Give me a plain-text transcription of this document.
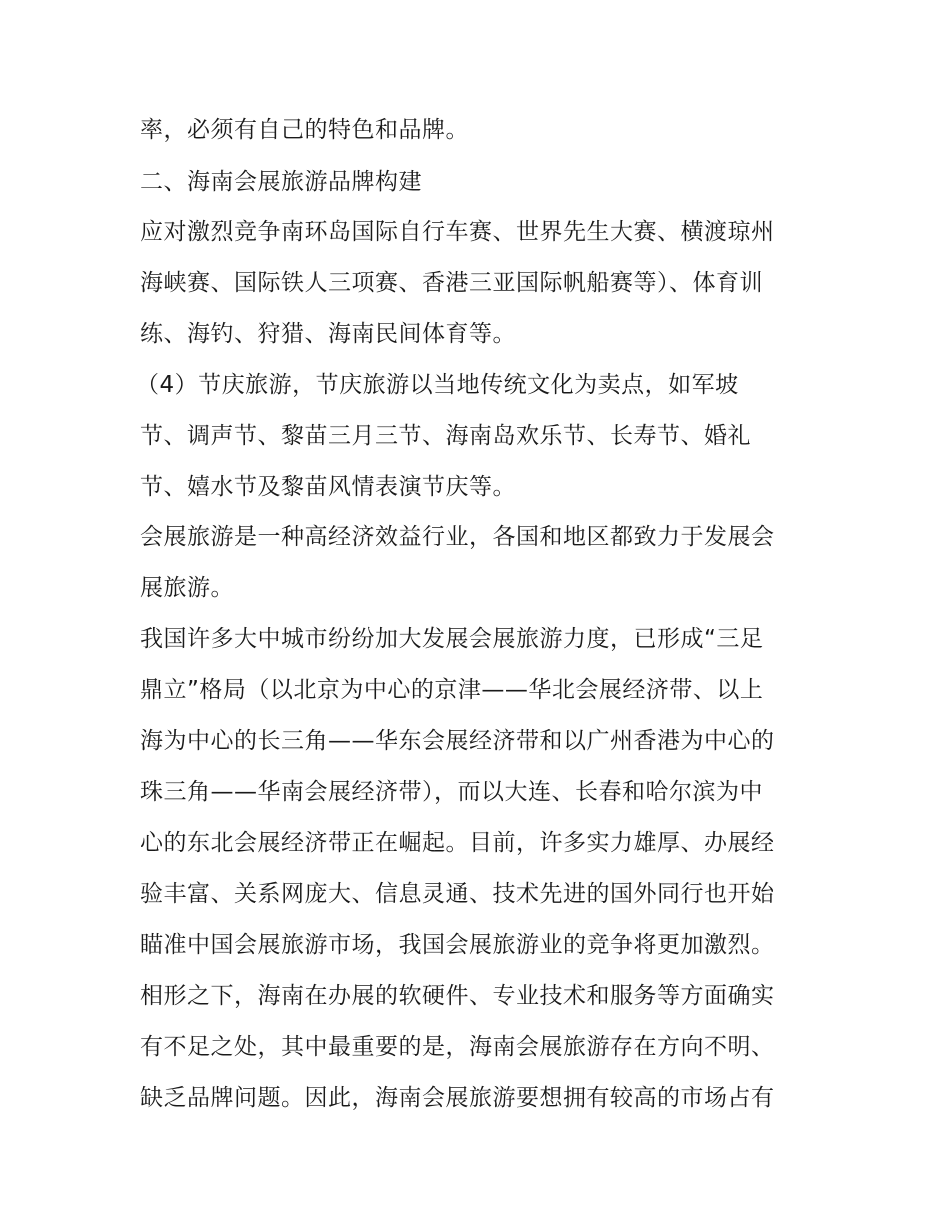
率，必须有自己的特色和品牌。

二、海南会展旅游品牌构建

应对激烈竞争南环岛国际自行车赛、世界先生大赛、横渡琼州

海峡赛、国际铁人三项赛、香港三亚国际帆船赛等）、体育训

练、海钓、狩猎、海南民间体育等。

（4）节庆旅游，节庆旅游以当地传统文化为卖点，如军坡

节、调声节、黎苗三月三节、海南岛欢乐节、长寿节、婚礼

节、嬉水节及黎苗风情表演节庆等。

会展旅游是一种高经济效益行业，各国和地区都致力于发展会

展旅游。

我国许多大中城市纷纷加大发展会展旅游力度，已形成“三足

鼎立”格局（以北京为中心的京津——华北会展经济带、以上

海为中心的长三角——华东会展经济带和以广州香港为中心的

珠三角——华南会展经济带），而以大连、长春和哈尔滨为中

心的东北会展经济带正在崛起。目前，许多实力雄厚、办展经

验丰富、关系网庞大、信息灵通、技术先进的国外同行也开始

瞄准中国会展旅游市场，我国会展旅游业的竞争将更加激烈。

相形之下，海南在办展的软硬件、专业技术和服务等方面确实

有不足之处，其中最重要的是，海南会展旅游存在方向不明、

缺乏品牌问题。因此，海南会展旅游要想拥有较高的市场占有
